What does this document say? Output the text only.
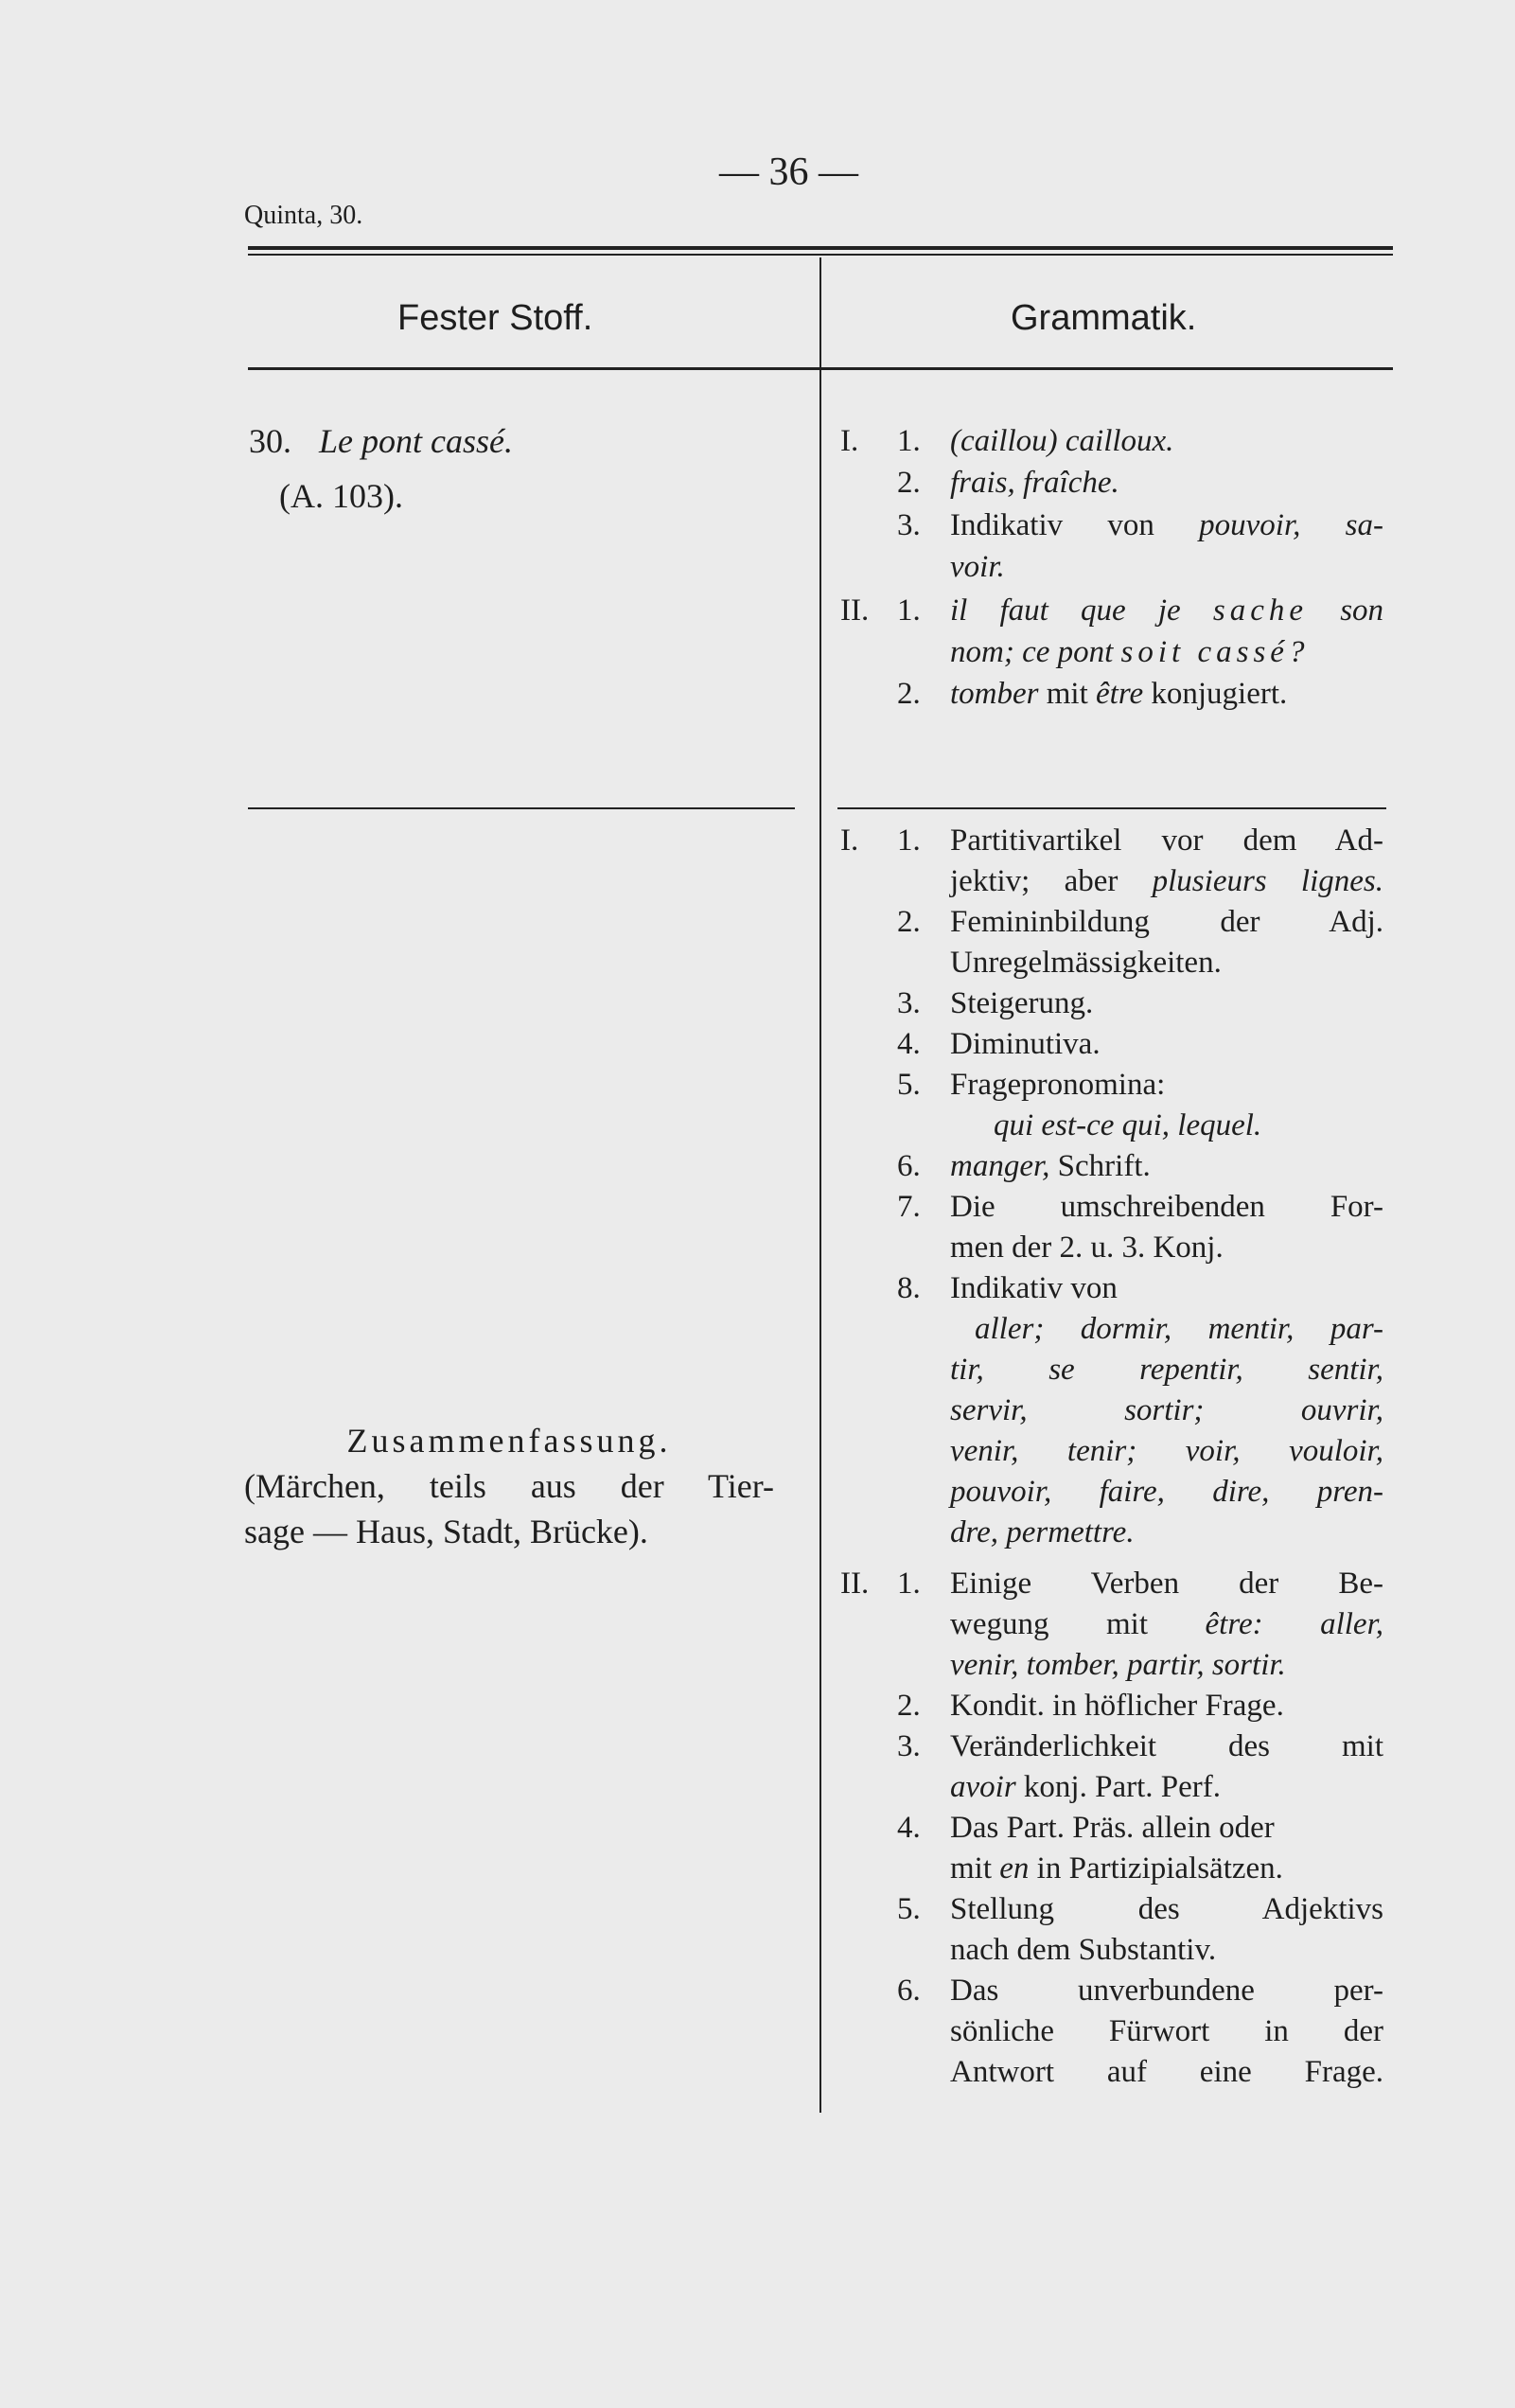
— 36 —
Quinta, 30.
Fester Stoff.	Grammatik.
30. Le pont cassé.
(A. 103).
Zusammenfassung.
(Märchen, teils aus der Tier-
sage — Haus, Stadt, Brücke).
I. 1. (caillou) cailloux.
2. frais, fraîche.
3. Indikativ von pouvoir, sa-
voir.
II. 1. il faut que je sache son
nom; ce pont soit cassé?
2. tomber mit être konjugiert.
I. 1. Partitivartikel vor dem Ad-
jektiv; aber plusieurs lignes.
2. Femininbildung der Adj.
Unregelmässigkeiten.
3. Steigerung.
4. Diminutiva.
5. Fragepronomina:
qui est-ce qui, lequel.
6. manger, Schrift.
7. Die umschreibenden For-
men der 2. u. 3. Konj.
8. Indikativ von
aller; dormir, mentir, par-
tir, se repentir, sentir,
servir, sortir; ouvrir,
venir, tenir; voir, vouloir,
pouvoir, faire, dire, pren-
dre, permettre.
II. 1. Einige Verben der Be-
wegung mit être: aller,
venir, tomber, partir, sortir.
2. Kondit. in höflicher Frage.
3. Veränderlichkeit des mit
avoir konj. Part. Perf.
4. Das Part. Präs. allein oder
mit en in Partizipialsätzen.
5. Stellung des Adjektivs
nach dem Substantiv.
6. Das unverbundene per-
sönliche Fürwort in der
Antwort auf eine Frage.
